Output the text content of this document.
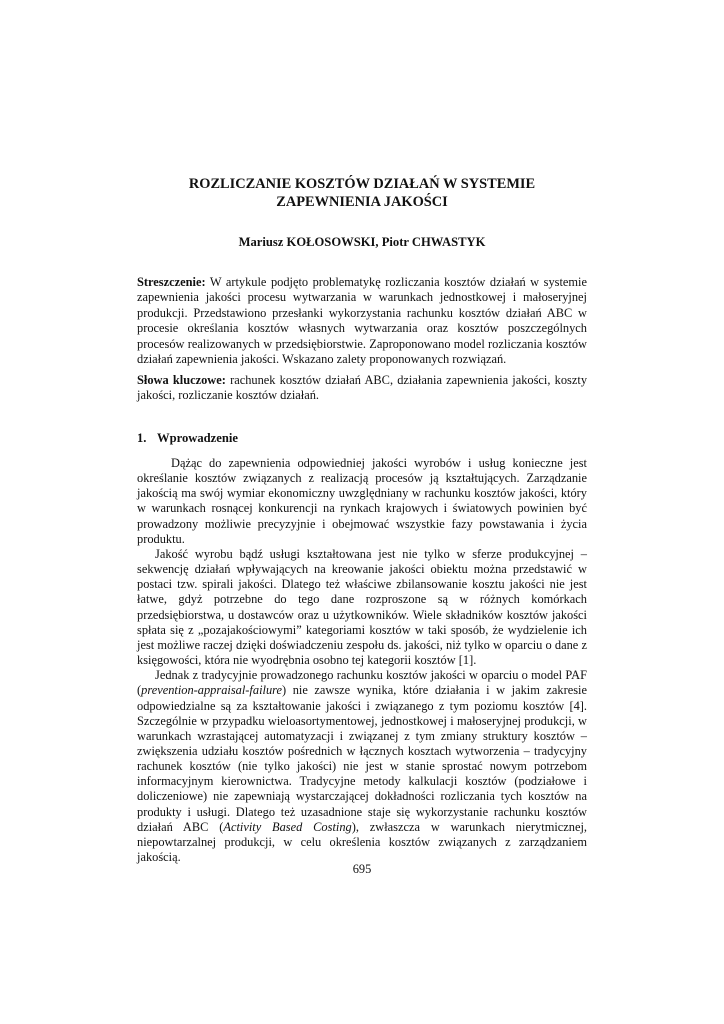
ROZLICZANIE KOSZTÓW DZIAŁAŃ W SYSTEMIE
ZAPEWNIENIA JAKOŚCI
Mariusz KOŁOSOWSKI, Piotr CHWASTYK
Streszczenie: W artykule podjęto problematykę rozliczania kosztów działań w systemie zapewnienia jakości procesu wytwarzania w warunkach jednostkowej i małoseryjnej produkcji. Przedstawiono przesłanki wykorzystania rachunku kosztów działań ABC w procesie określania kosztów własnych wytwarzania oraz kosztów poszczególnych procesów realizowanych w przedsiębiorstwie. Zaproponowano model rozliczania kosztów działań zapewnienia jakości. Wskazano zalety proponowanych rozwiązań.
Słowa kluczowe: rachunek kosztów działań ABC, działania zapewnienia jakości, koszty jakości, rozliczanie kosztów działań.
1. Wprowadzenie

Dążąc do zapewnienia odpowiedniej jakości wyrobów i usług konieczne jest określanie kosztów związanych z realizacją procesów ją kształtujących. Zarządzanie jakością ma swój wymiar ekonomiczny uwzględniany w rachunku kosztów jakości, który w warunkach rosnącej konkurencji na rynkach krajowych i światowych powinien być prowadzony możliwie precyzyjnie i obejmować wszystkie fazy powstawania i życia produktu.

Jakość wyrobu bądź usługi kształtowana jest nie tylko w sferze produkcyjnej – sekwencję działań wpływających na kreowanie jakości obiektu można przedstawić w postaci tzw. spirali jakości. Dlatego też właściwe zbilansowanie kosztu jakości nie jest łatwe, gdyż potrzebne do tego dane rozproszone są w różnych komórkach przedsiębiorstwa, u dostawców oraz u użytkowników. Wiele składników kosztów jakości spłata się z „pozajakościowymi” kategoriami kosztów w taki sposób, że wydzielenie ich jest możliwe raczej dzięki doświadczeniu zespołu ds. jakości, niż tylko w oparciu o dane z księgowości, która nie wyodrębnia osobno tej kategorii kosztów [1].

Jednak z tradycyjnie prowadzonego rachunku kosztów jakości w oparciu o model PAF (prevention-appraisal-failure) nie zawsze wynika, które działania i w jakim zakresie odpowiedzialne są za kształtowanie jakości i związanego z tym poziomu kosztów [4]. Szczególnie w przypadku wieloasortymentowej, jednostkowej i małoseryjnej produkcji, w warunkach wzrastającej automatyzacji i związanej z tym zmiany struktury kosztów – zwiększenia udziału kosztów pośrednich w łącznych kosztach wytworzenia – tradycyjny rachunek kosztów (nie tylko jakości) nie jest w stanie sprostać nowym potrzebom informacyjnym kierownictwa. Tradycyjne metody kalkulacji kosztów (podziałowe i doliczeniowe) nie zapewniają wystarczającej dokładności rozliczania tych kosztów na produkty i usługi. Dlatego też uzasadnione staje się wykorzystanie rachunku kosztów działań ABC (Activity Based Costing), zwłaszcza w warunkach nierytmicznej, niepowtarzalnej produkcji, w celu określenia kosztów związanych z zarządzaniem jakością.

695
